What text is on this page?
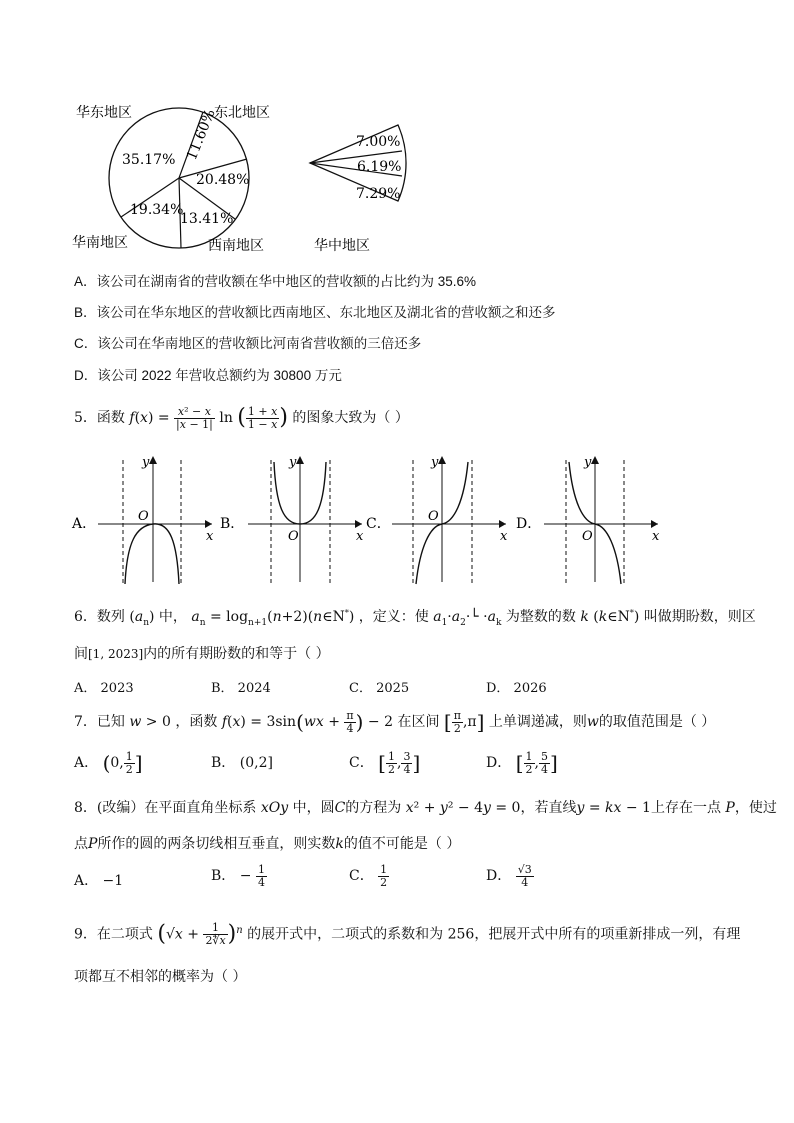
35.17% 11.60%
20.48%
13.41%
19.34%
华东地区	东北地区
华南地区	西南地区
7.00%
6.19%
7.29%
华中地区
A．该公司在湖南省的营收额在华中地区的营收额的占比约为 35.6%
B．该公司在华东地区的营收额比西南地区、东北地区及湖北省的营收额之和还多
C．该公司在华南地区的营收额比河南省营收额的三倍还多
D．该公司 2022 年营收总额约为 30800 万元
5．函数 $f(x) = \frac{\text{x² − x}}{|x - 1|}$ ln ( $\frac{1 + x}{1 - x}$ ) 的图象大致为（ ）
A．	B．	C．	D．
y
x
O
y
x
O
y
x
O
y
x
O
6．数列 $(a_n)$ 中， $a_n$ = $\log_{n+1}(n+2)(n\in N^*)$ ，定义：使 $a_1\cdot a_2\cdot└ \cdot a_k$ 为整数的数 k (k∈N*) 叫做期盼数，则区
间[1, 2023]内的所有期盼数的和等于（ ）
A． 2023	B． 2024	C． 2025	D． 2026
7．已知 w > 0 ，函数 $f(x) = 3\sin(wx + \frac{\pi}{4}$ ) − 2 在区间 [ $\frac{\pi}{2} ,\pi$] 上单调递减，则w的取值范围是（ ）
A． (0, $\frac{1}{2}$ ]	B． (0,2]	C． [ $\frac{1}{2}$ , $\frac{3}{4}$ ]	D． [ $\frac{1}{2}$ , $\frac{5}{4}$ ]
8．(改编）在平面直角坐标系 xOy 中，圆C的方程为 x² + y² − 4y = 0，若直线y = kx − 1上存在一点 P，使过
点P所作的圆的两条切线相互垂直，则实数k的值不可能是（ ）
A． −1	B． − $\frac{1}{4}$	C． $\frac{1}{2}$	D． $\frac{√3}{4}$
9．在二项式 $(√x + \frac{1}{2∜x} )^n$ 的展开式中，二项式的系数和为 256，把展开式中所有的项重新排成一列，有理
项都互不相邻的概率为（ ）
